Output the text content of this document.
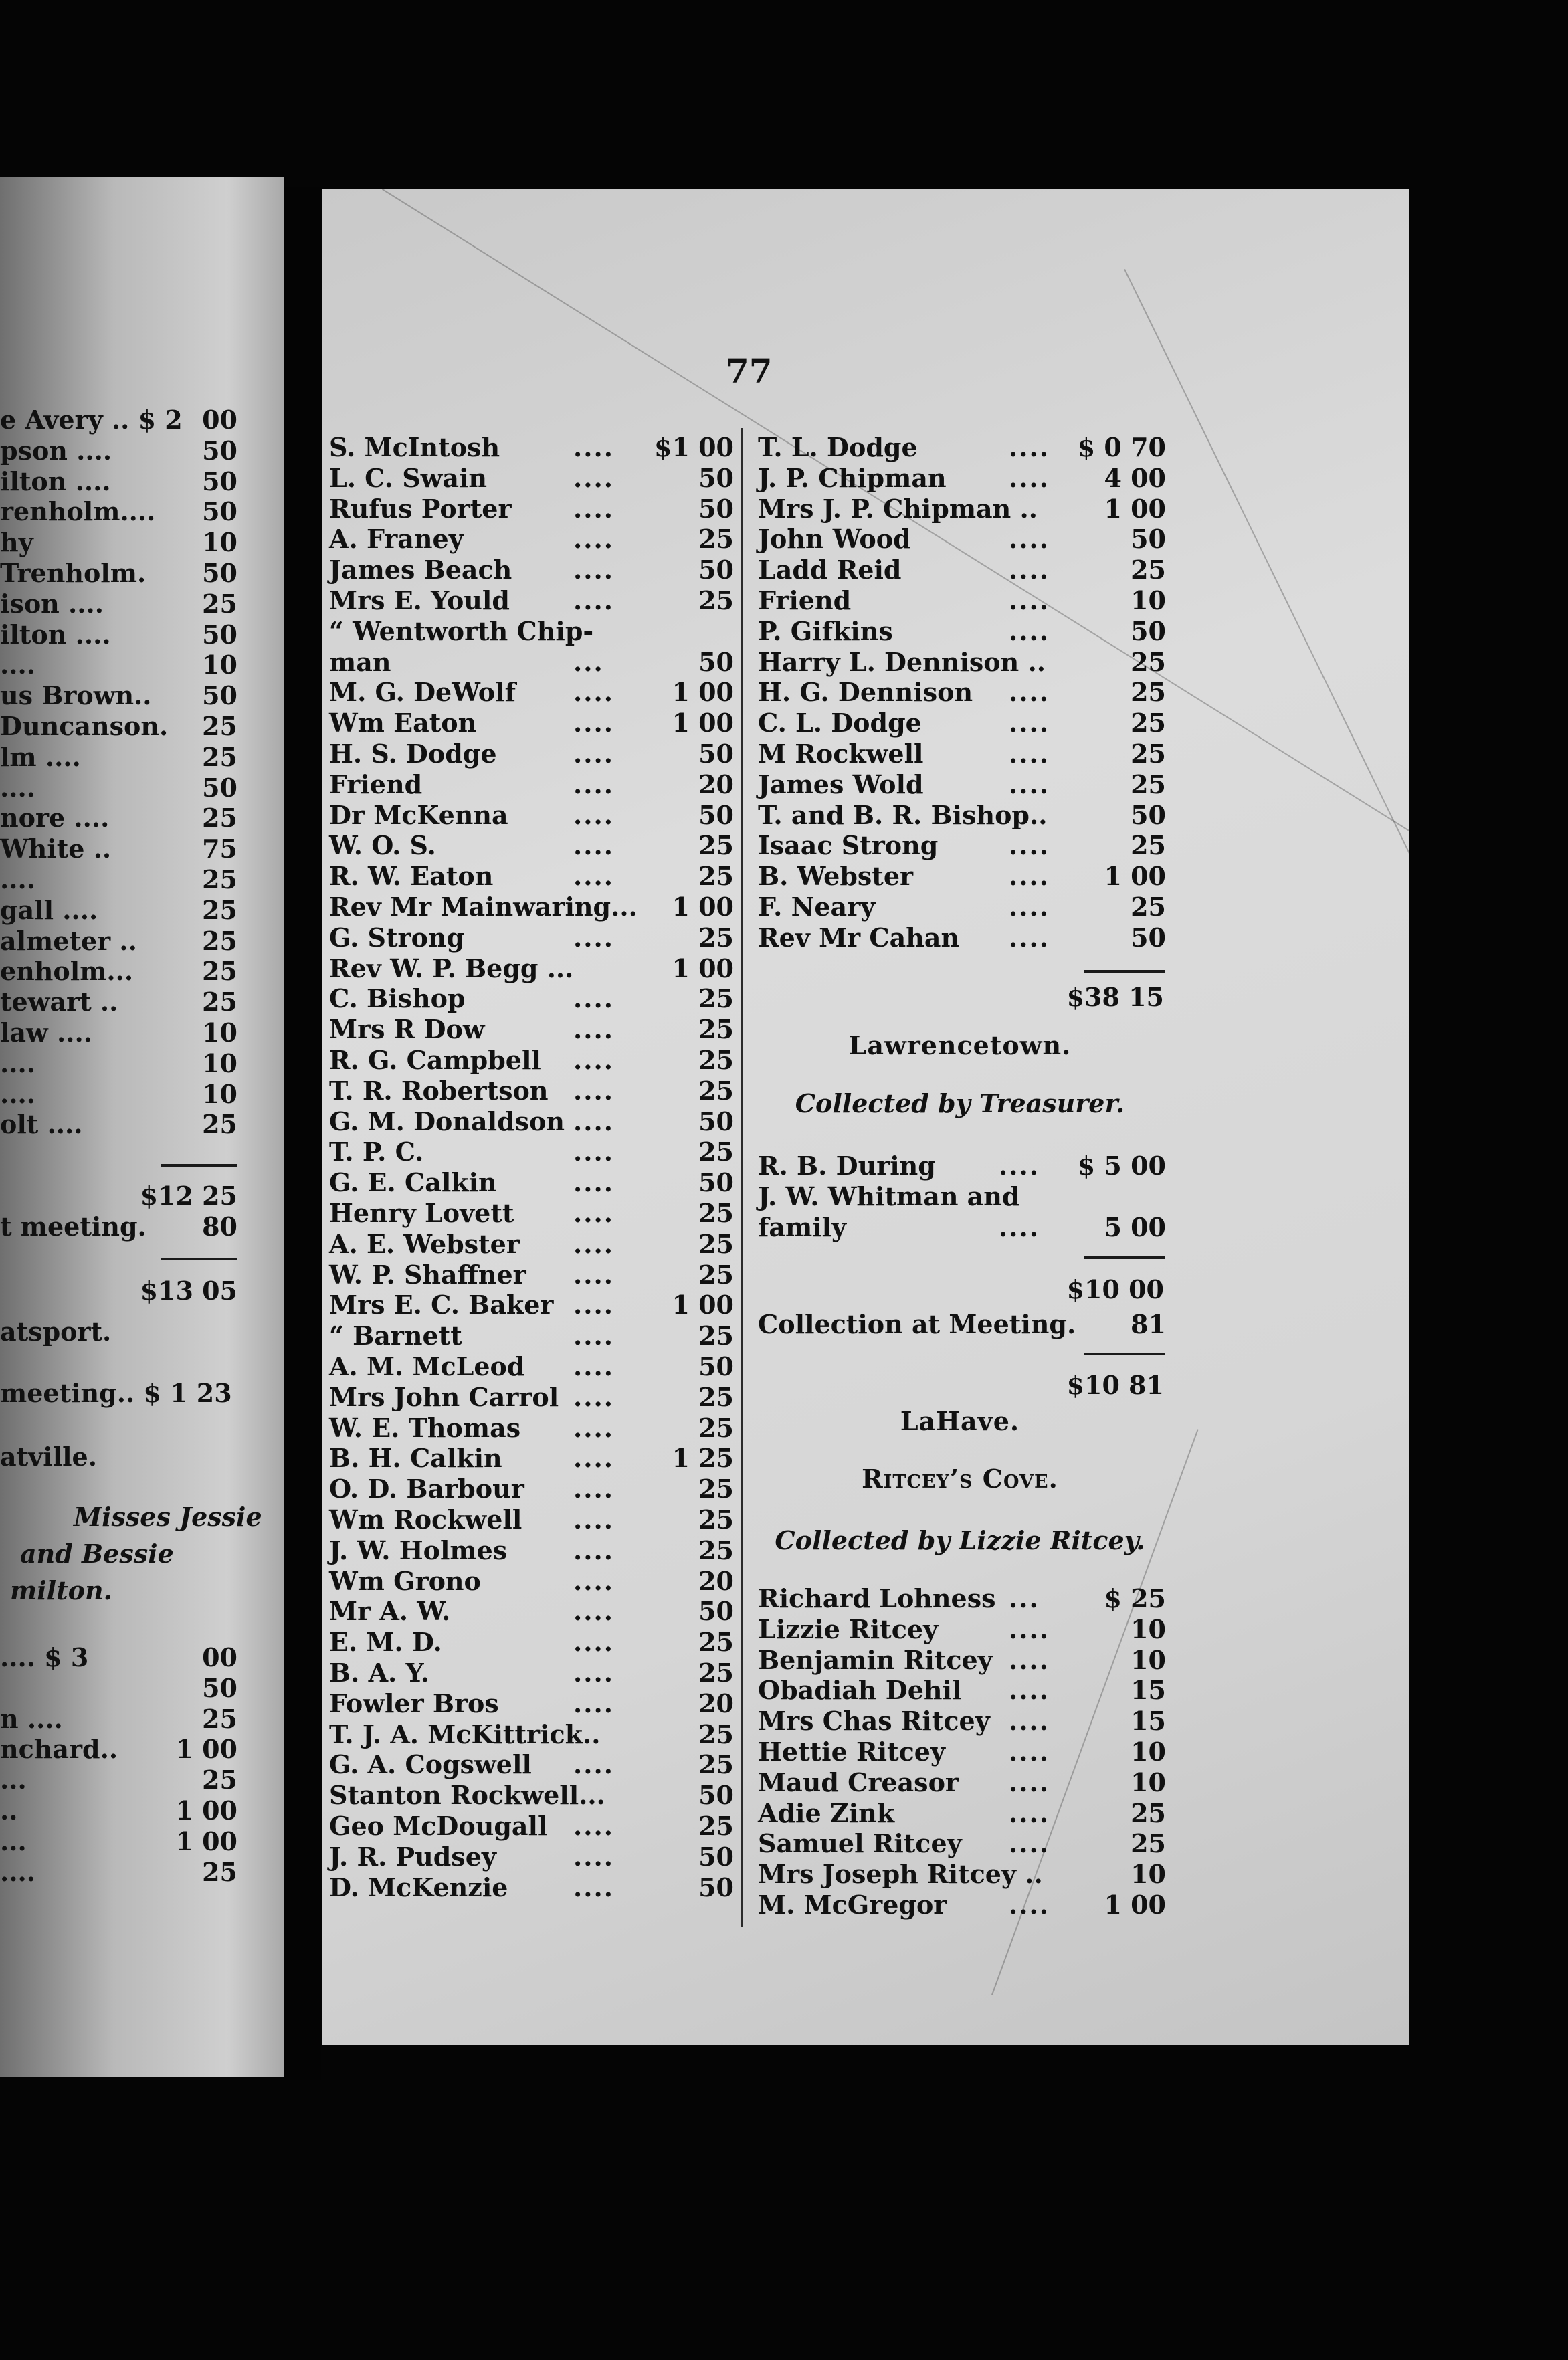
e Avery .. $ 2 00
pson ....	50
ilton ....	50
renholm....	50
hy	10
Trenholm.	50
ison ....	25
ilton ....	50
....	10
us Brown..	50
Duncanson.	25
lm ....	25
....	50
nore ....	25
White ..	75
....	25
gall ....	25
almeter ..	25
enholm...	25
tewart ..	25
law ....	10
....	10
....	10
olt ....	25
77
S. McIntosh	....	$1 00
L. C. Swain	....	50
Rufus Porter ....	50
A. Franey	....	25
James Beach ....	50
Mrs E. Yould	....	25
“ Wentworth Chip-
man	...	50
M. G. DeWolf ....	1 00
Wm Eaton	....	1 00
H. S. Dodge	....	50
Friend	....	20
Dr McKenna	....	50
W. O. S.	....	25
R. W. Eaton	....	25
Rev Mr Mainwaring...	1 00
G. Strong	....	25
Rev W. P. Begg ...	1 00
C. Bishop	....	25
Mrs R Dow	....	25
R. G. Campbell ....	25
T. R. Robertson ....	25
G. M. Donaldson ....	50
T. P. C.	....	25
G. E. Calkin	....	50
Henry Lovett ....	25
A. E. Webster ....	25
W. P. Shaffner ....	25
Mrs E. C. Baker ....	1 00
“ Barnett	....	25
A. M. McLeod ....	50
Mrs John Carrol ....	25
W. E. Thomas ....	25
B. H. Calkin	....	1 25
O. D. Barbour ....	25
Wm Rockwell ....	25
J. W. Holmes	....	25
Wm Grono	....	20
Mr A. W.	....	50
E. M. D.	....	25
B. A. Y.	....	25
Fowler Bros	....	20
T. J. A. McKittrick..	25
G. A. Cogswell ....	25
Stanton Rockwell...	50
Geo McDougall ....	25
J. R. Pudsey	....	50
D. McKenzie	....	50
T. L. Dodge	....	$ 0 70
J. P. Chipman ....	4 00
Mrs J. P. Chipman ..	1 00
John Wood	....	50
Ladd Reid	....	25
Friend	....	10
P. Gifkins	....	50
Harry L. Dennison ..	25
H. G. Dennison ....	25
C. L. Dodge	....	25
M Rockwell	....	25
James Wold	....	25
T. and B. R. Bishop..	50
Isaac Strong	....	25
B. Webster	....	1 00
F. Neary	....	25
Rev Mr Cahan ....	50
$38 15
Lawrencetown.
Collected by Treasurer.
R. B. During ....	$ 5 00
J. W. Whitman and
family	....	5 00
$10 00
Collection at Meeting.	81
$10 81
LaHave.
Ritcey’s Cove.
Collected by Lizzie Ritcey.
Richard Lohness ...	$ 25
Lizzie Ritcey	....	10
Benjamin Ritcey ....	10
Obadiah Dehil ....	15
Mrs Chas Ritcey ....	15
Hettie Ritcey	....	10
Maud Creasor ....	10
Adie Zink	....	25
Samuel Ritcey ....	25
Mrs Joseph Ritcey ..	10
M. McGregor ....	1 00
$12 25
t meeting. 80
$13 05
atsport.
meeting.. $ 1 23
atville.
Misses Jessie
and Bessie
milton.
.... $ 3	00
50
n ....	25
nchard..	1 00
...	25
..	1 00
...	1 00
....	25
